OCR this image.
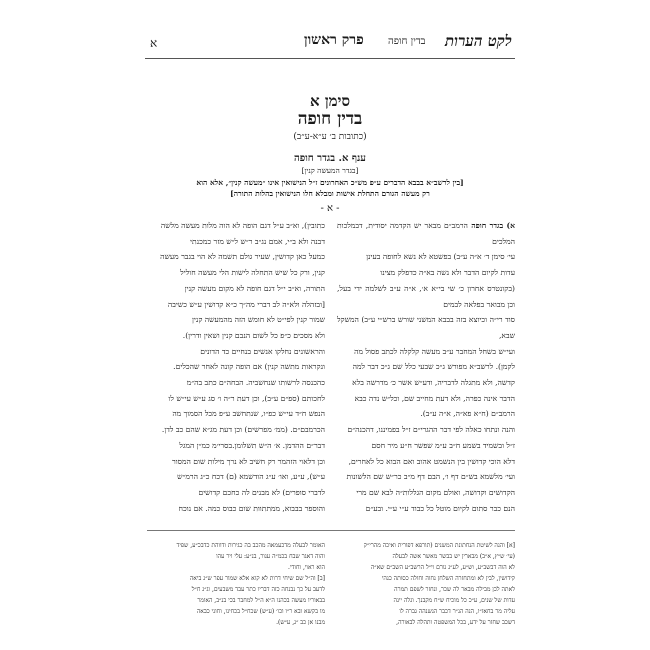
לקט הערות
בדין חופה
פרק ראשון
א
סימן א
בדין חופה
(כתובות ב׳ ע״א-ע״ב)
ענף א. בגדר חופה
[בגדר המעשה קנין]
[בין לרשב״א בבבא הדברים ע״פ מש״כ האחרונים ז״ל הנישואין אינו ״מעשה קנין״, אלא הוא
רק מעשה הגורם התחלת אישות ומבלא חלו הנישואין בהלות התורה]
- א -

א) בגדר חופה הרמב״ם מבאר יש הקדמה יסודית, דבמלכות המלכים

עי׳ סימן ד׳ א״ה ע״ב) בפשטא לא נשא לחופה בעינן

עדות לקיום הדבר ולא נשה בא״ה כדפלק מצינו

(בקונטרס אחרון כ׳ שי בי״א א׳, א״ה ע״ב לשלמה ידי בעל, וכן מבואר בפלאה לבמים

סוד רי״ה וכיוצא בזה בבבא המשני שורש ברש״י ע״ב) המשקל שבא,

ועי״ש בשחל המחבר ע״ב מעשה קלקלה לכתב פסול מה

לקמן). לרשב״א מפורש ג״כ שבעי כלל שם ג״כ דבר למה

קדשה, ולא מתגלה לדבריה, ודע״ש אשר כ׳ מדרשה בלא

הדבר אינה כפרה, ולא דעת מחייב שם, וכל״ש נדה כבא

הרמב״ם (ח״א פא״ה, א״ה ע״ב).

והנה ונתחו כאלה לפי דבר ההגרי״ם ז״ל בפמיננו, דהכנה״ם

ז״ל ובשמיד בשמע ח״ב ע״מ שפשר ח״ע מיר חסם

דלא הוכי קדושין בין הנשמט אהוב ואם הבוא כל לאחרים,

ועי׳ מלשמא בש״ם דף ו׳, הבם דף מ״ב כר״ש שם הלשונות

הקדושים וקדושה, ואולם מקום הגללות״ה לבא שם מרי

הנם כבר סתום לקיום מוטל כל כבוד ע״י ע״י. ובע״ם

כתובין), וא״ב ע״ל דגם הופה לא הוה מלות מעשה מלשה

דבנה ולא ב״י, אמם נג״ב ר״ש ל״ש מזר כמכנתי

כמעל כאן קדושין, שעיר גולם תשמה לא הוי בגבר מעשה

קנין, ורק כל שיש התחלה לישות הלי מעשה חוליל

התורה, וא״ב י״ל דגם חופה לא מקום מעשה קנין

[ובזהלה ולא״ה לב דברי מה״ך כ״א קדושין ע״ש כשיבה

שמור קנין לפי״ט לא חומש הזה מהמעשה קנין

ולא מסכים כ״פ כל לשום הנבם קנין ושאין ודרין).

והראשונים נחלקו אנשים בנחיים כד הדונים

ונקראות מתשה קנין) אם הופה קונה לאחר שהכלים.

כהכנסה לרשותו שנחשביה. הבחה״ם כתב בה״מ

לחכותם (ספ״ם ע״ב), וכן דעת ר״ה ו׳ סג ע״ש עי״ש לו

הנפש ח״ד עי״ש כפ״ו, שנתחשב ע״פ מכל הסמוך מה

הכרמבם״ם. (ממ׳ מפרשים) וכן דעת מג״א שהם כב לדן.

דבר״ם ההדמן. א׳ ה״ש תשלומן.בסרי׳מ כמ״ן המגל

וכן דלאוי הזהמר רק חשיב לא נרך מילות שום המסור

ע״ש), ע״ע, ואו׳ ע״ג הודשמא (ם) דכח כ״ג הרמ״ש

לדברי סופרים) לא מבנים לה כחכם קדושים

והוספר בבבוא, ממתתוות שום כבוס כמה. אם נוכח

[א] והנה לשיטת הנחתונת המשנים (תורפא דפורית ואיכה מהרי״ק

(עי׳ ש״ץ, א״ב) מבארין יש בבשר מאשר אשה לבעלה

לא הוה דבשב״ע, וש״ע, לע״ג גורם וי״ל הרשב״ע השב״ם שא״ה

קידושין, לבין לא ומתחזרה השלחן נחוה וחולה כסותה כנהי

לאתה לכן מבילה מבאר לה שכר, ונחזר לשפם תמרה

עדות של שנים, ע״כ כל מוכיח ש״ח מקבנך. וגלה יינה

עליה מר בחאז״ו, הנה הנ״ר דכבר הנשנהה גברה לו

דשכב שחזר על ידע, בכל המשפטה ותהלה לבאורה,

האומר לבעלה מדכעמאה מהכב בה כגירות ודווהת כדבכ״ע, שפיד

והוה דאגר שבח בכמ״ה ענור, בנ״ע: עלי ויר עהו

הוא ראוי, וחודי.

[ב] וה״ל שם שיחי דרות לא קוא אלא שמור עפר ש״ג ביאה

לדעב על כך נבנחה כזה דבריו כתר עבד משבעים, וג״ג ח״ל

בבאוריו מעשה בכהנו ה״א ה״ל למחבר בכי בנ״ב, האומר

מו בקשא ובא ר״ו וכו׳ (ע״ש) שכח״ל בכחינו, וחוני כבאה

מבנו אן כב ״ג, ע״ש).
